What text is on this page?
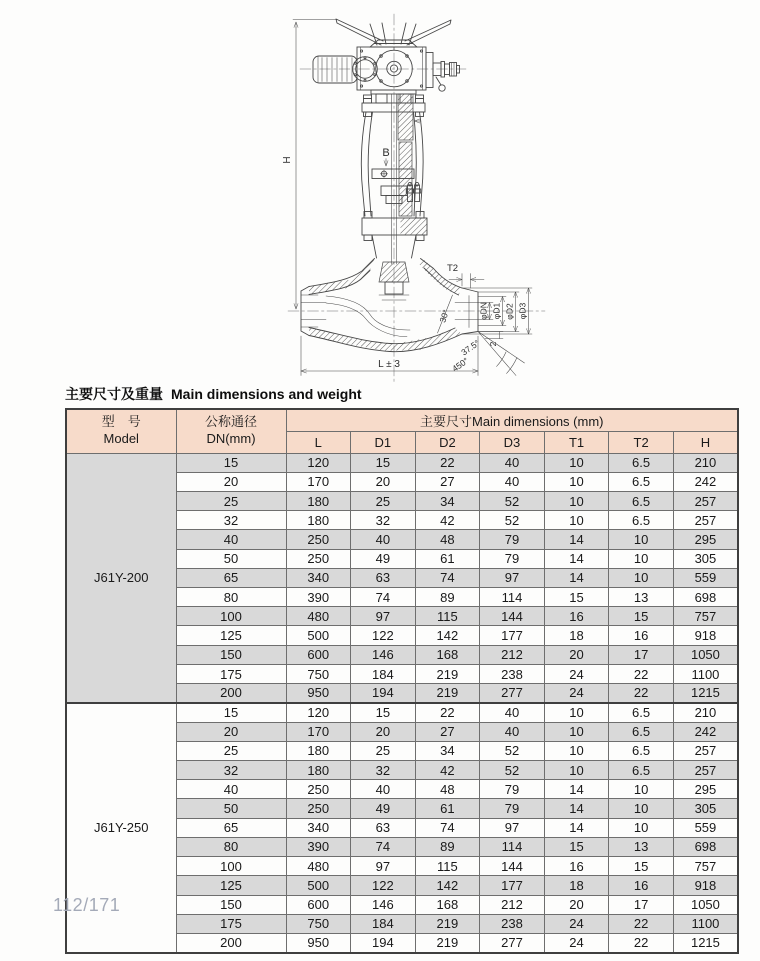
B
H
T2
φDN φD1 φD2 φD3
2
30°
37.5°
450°
L ± 3
主要尺寸及重量 Main dimensions and weight
型　号
Model

公称通径
DN(mm)
	主要尺寸Main dimensions (mm)
		L	D1	D2	D3	T1	T2	H
J61Y-200	15	120	15	22	40	10	6.5	210
	20	170	20	27	40	10	6.5	242
	25	180	25	34	52	10	6.5	257
	32	180	32	42	52	10	6.5	257
	40	250	40	48	79	14	10	295
	50	250	49	61	79	14	10	305
	65	340	63	74	97	14	10	559
	80	390	74	89	114	15	13	698
	100	480	97	115	144	16	15	757
	125	500	122	142	177	18	16	918
	150	600	146	168	212	20	17	1050
	175	750	184	219	238	24	22	1100
	200	950	194	219	277	24	22	1215
J61Y-250	15	120	15	22	40	10	6.5	210
	20	170	20	27	40	10	6.5	242
	25	180	25	34	52	10	6.5	257
	32	180	32	42	52	10	6.5	257
	40	250	40	48	79	14	10	295
	50	250	49	61	79	14	10	305
	65	340	63	74	97	14	10	559
	80	390	74	89	114	15	13	698
	100	480	97	115	144	16	15	757
	125	500	122	142	177	18	16	918
	150	600	146	168	212	20	17	1050
	175	750	184	219	238	24	22	1100
	200	950	194	219	277	24	22	1215
112/171
